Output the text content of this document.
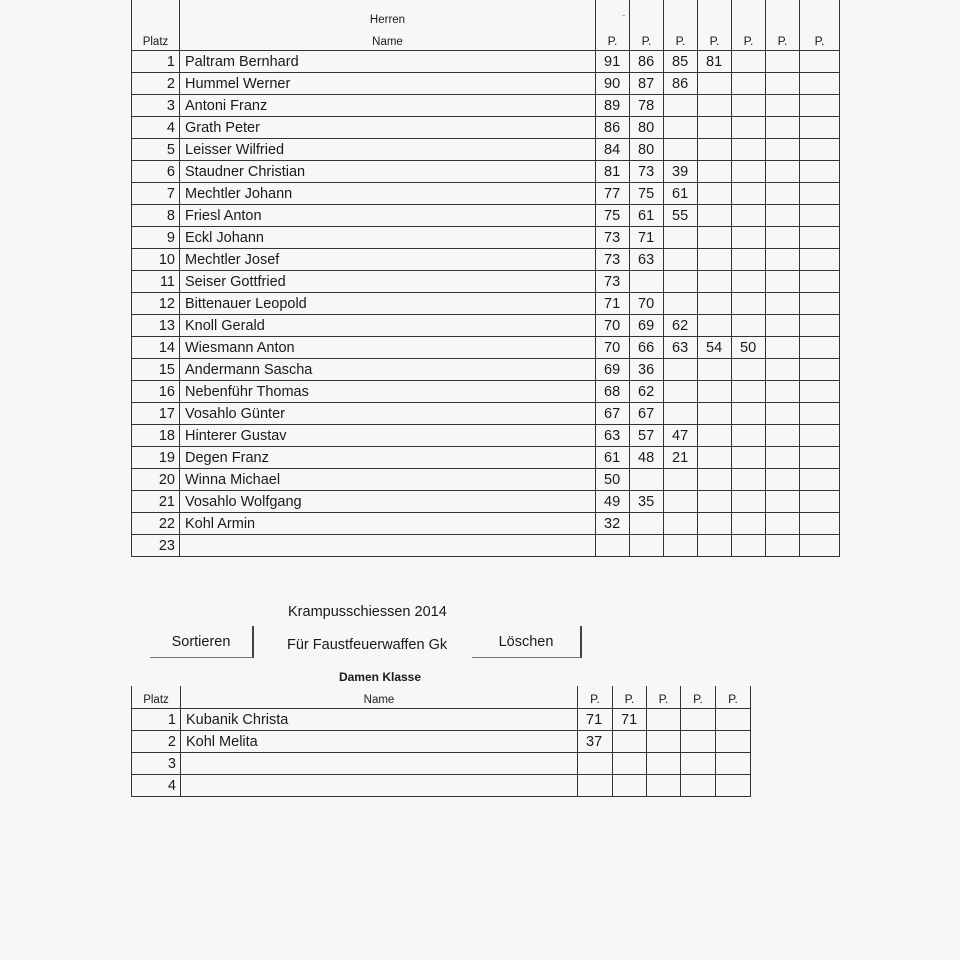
Platz	Herren
Name	P.	P.	P.	P.	P.	P.	P.
1	Paltram Bernhard	91	86	85	81			
2	Hummel Werner	90	87	86				
3	Antoni Franz	89	78					
4	Grath Peter	86	80					
5	Leisser Wilfried	84	80					
6	Staudner Christian	81	73	39				
7	Mechtler Johann	77	75	61				
8	Friesl Anton	75	61	55				
9	Eckl Johann	73	71					
10	Mechtler Josef	73	63					
11	Seiser Gottfried	73						
12	Bittenauer Leopold	71	70					
13	Knoll Gerald	70	69	62				
14	Wiesmann Anton	70	66	63	54	50		
15	Andermann Sascha	69	36					
16	Nebenführ Thomas	68	62					
17	Vosahlo Günter	67	67					
18	Hinterer Gustav	63	57	47				
19	Degen Franz	61	48	21				
20	Winna Michael	50						
21	Vosahlo Wolfgang	49	35					
22	Kohl Armin	32						
23								
ˉ
Krampusschiessen 2014
Sortieren	Für Faustfeuerwaffen Gk	Löschen
Damen Klasse
Platz	Name	P.	P.	P.	P.	P.
1	Kubanik Christa	71	71			
2	Kohl Melita	37				
3						
4						
